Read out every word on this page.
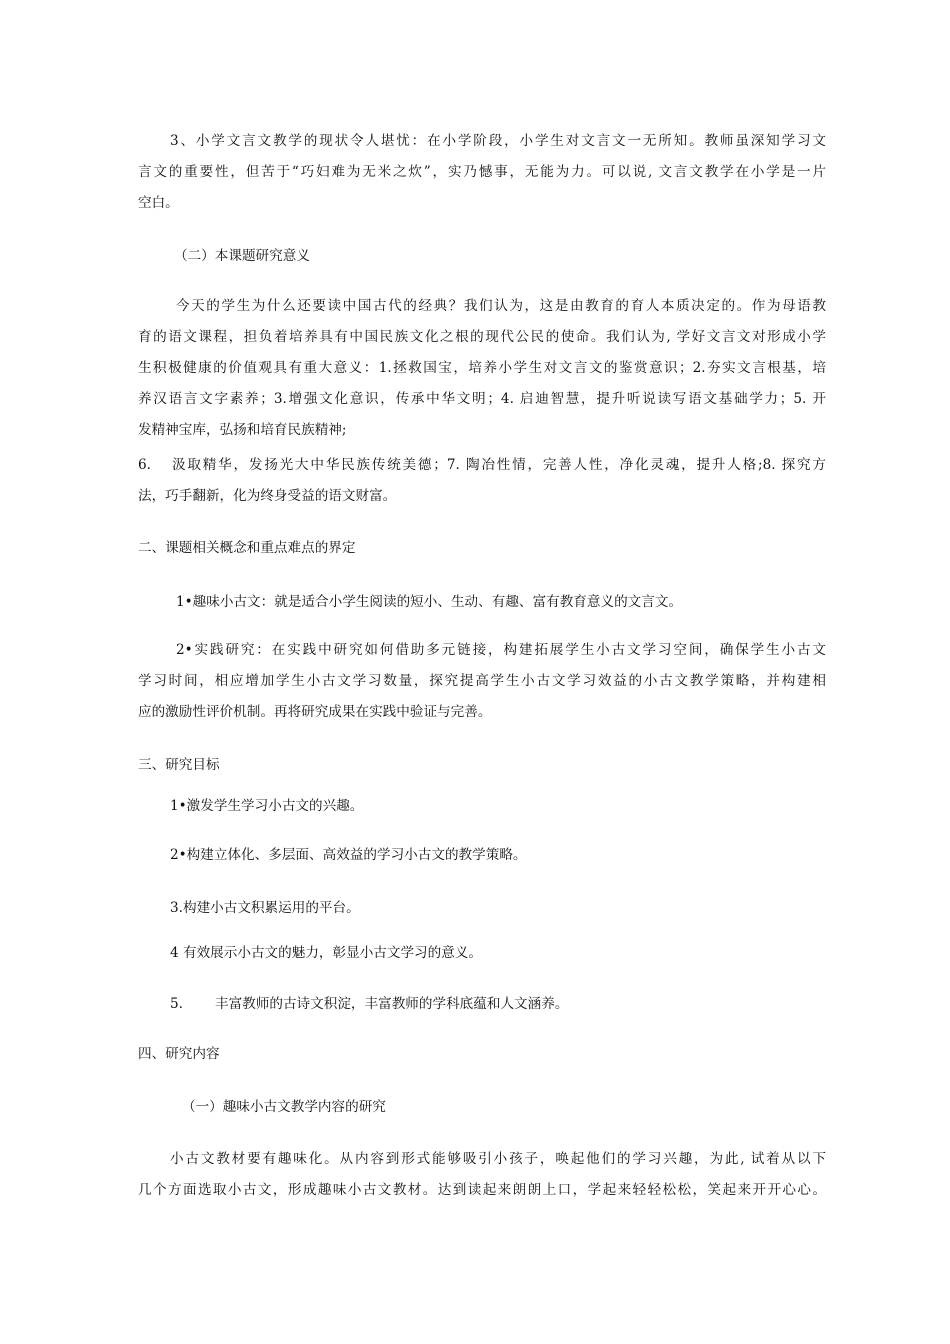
3、小学文言文教学的现状令人堪忧：在小学阶段，小学生对文言文一无所知。教师虽深知学习文
言文的重要性，但苦于“巧妇难为无米之炊”，实乃憾事，无能为力。可以说, 文言文教学在小学是一片
空白。
（二）本课题研究意义
今天的学生为什么还要读中国古代的经典？我们认为，这是由教育的育人本质决定的。作为母语教
育的语文课程，担负着培养具有中国民族文化之根的现代公民的使命。我们认为, 学好文言文对形成小学
生积极健康的价值观具有重大意义：1.拯救国宝，培养小学生对文言文的鉴赏意识；2.夯实文言根基，培
养汉语言文字素养；3.增强文化意识，传承中华文明；4. 启迪智慧，提升听说读写语文基础学力；5. 开
发精神宝库，弘扬和培育民族精神;
6. 汲取精华，发扬光大中华民族传统美德；7. 陶冶性情，完善人性，净化灵魂，提升人格;8. 探究方
法，巧手翻新，化为终身受益的语文财富。
二、课题相关概念和重点难点的界定
1•趣味小古文：就是适合小学生阅读的短小、生动、有趣、富有教育意义的文言文。
2•实践研究：在实践中研究如何借助多元链接，构建拓展学生小古文学习空间，确保学生小古文
学习时间，相应增加学生小古文学习数量，探究提高学生小古文学习效益的小古文教学策略，并构建相
应的激励性评价机制。再将研究成果在实践中验证与完善。
三、研究目标
1•激发学生学习小古文的兴趣。
2•构建立体化、多层面、高效益的学习小古文的教学策略。
3.构建小古文积累运用的平台。
4 有效展示小古文的魅力，彰显小古文学习的意义。
5. 丰富教师的古诗文积淀，丰富教师的学科底蕴和人文涵养。
四、研究内容
（一）趣味小古文教学内容的研究
小古文教材要有趣味化。从内容到形式能够吸引小孩子，唤起他们的学习兴趣，为此, 试着从以下
几个方面选取小古文，形成趣味小古文教材。达到读起来朗朗上口，学起来轻轻松松，笑起来开开心心。
